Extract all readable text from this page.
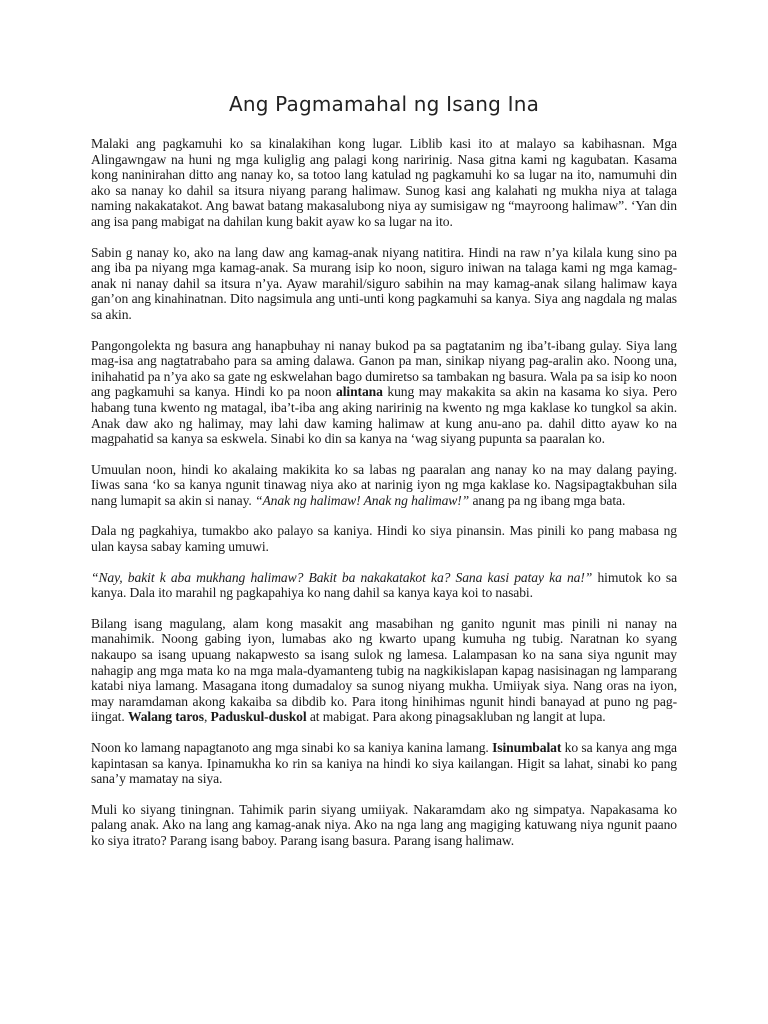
Ang Pagmamahal ng Isang Ina

Malaki ang pagkamuhi ko sa kinalakihan kong lugar. Liblib kasi ito at malayo sa kabihasnan. Mga Alingawngaw na huni ng mga kuliglig ang palagi kong naririnig. Nasa gitna kami ng kagubatan. Kasama kong naninirahan ditto ang nanay ko, sa totoo lang katulad ng pagkamuhi ko sa lugar na ito, namumuhi din ako sa nanay ko dahil sa itsura niyang parang halimaw. Sunog kasi ang kalahati ng mukha niya at talaga naming nakakatakot. Ang bawat batang makasalubong niya ay sumisigaw ng “mayroong halimaw”. ‘Yan din ang isa pang mabigat na dahilan kung bakit ayaw ko sa lugar na ito.

Sabin g nanay ko, ako na lang daw ang kamag-anak niyang natitira. Hindi na raw n’ya kilala kung sino pa ang iba pa niyang mga kamag-anak. Sa murang isip ko noon, siguro iniwan na talaga kami ng mga kamag-anak ni nanay dahil sa itsura n’ya. Ayaw marahil/siguro sabihin na may kamag-anak silang halimaw kaya gan’on ang kinahinatnan. Dito nagsimula ang unti-unti kong pagkamuhi sa kanya. Siya ang nagdala ng malas sa akin.

Pangongolekta ng basura ang hanapbuhay ni nanay bukod pa sa pagtatanim ng iba’t-ibang gulay. Siya lang mag-isa ang nagtatrabaho para sa aming dalawa. Ganon pa man, sinikap niyang pag-aralin ako. Noong una, inihahatid pa n’ya ako sa gate ng eskwelahan bago dumiretso sa tambakan ng basura. Wala pa sa isip ko noon ang pagkamuhi sa kanya. Hindi ko pa noon alintana kung may makakita sa akin na kasama ko siya. Pero habang tuna kwento ng matagal, iba’t-iba ang aking naririnig na kwento ng mga kaklase ko tungkol sa akin. Anak daw ako ng halimay, may lahi daw kaming halimaw at kung anu-ano pa. dahil ditto ayaw ko na magpahatid sa kanya sa eskwela. Sinabi ko din sa kanya na ‘wag siyang pupunta sa paaralan ko.

Umuulan noon, hindi ko akalaing makikita ko sa labas ng paaralan ang nanay ko na may dalang paying. Iiwas sana ‘ko sa kanya ngunit tinawag niya ako at narinig iyon ng mga kaklase ko. Nagsipagtakbuhan sila nang lumapit sa akin si nanay. “Anak ng halimaw! Anak ng halimaw!” anang pa ng ibang mga bata.

Dala ng pagkahiya, tumakbo ako palayo sa kaniya. Hindi ko siya pinansin. Mas pinili ko pang mabasa ng ulan kaysa sabay kaming umuwi.

“Nay, bakit k aba mukhang halimaw? Bakit ba nakakatakot ka? Sana kasi patay ka na!” himutok ko sa kanya. Dala ito marahil ng pagkapahiya ko nang dahil sa kanya kaya koi to nasabi.

Bilang isang magulang, alam kong masakit ang masabihan ng ganito ngunit mas pinili ni nanay na manahimik. Noong gabing iyon, lumabas ako ng kwarto upang kumuha ng tubig. Naratnan ko syang nakaupo sa isang upuang nakapwesto sa isang sulok ng lamesa. Lalampasan ko na sana siya ngunit may nahagip ang mga mata ko na mga mala-dyamanteng tubig na nagkikislapan kapag nasisinagan ng lamparang katabi niya lamang. Masagana itong dumadaloy sa sunog niyang mukha. Umiiyak siya. Nang oras na iyon, may naramdaman akong kakaiba sa dibdib ko. Para itong hinihimas ngunit hindi banayad at puno ng pag-iingat. Walang taros, Paduskul-duskol at mabigat. Para akong pinagsakluban ng langit at lupa.

Noon ko lamang napagtanoto ang mga sinabi ko sa kaniya kanina lamang. Isinumbalat ko sa kanya ang mga kapintasan sa kanya. Ipinamukha ko rin sa kaniya na hindi ko siya kailangan. Higit sa lahat, sinabi ko pang sana’y mamatay na siya.

Muli ko siyang tiningnan. Tahimik parin siyang umiiyak. Nakaramdam ako ng simpatya. Napakasama ko palang anak. Ako na lang ang kamag-anak niya. Ako na nga lang ang magiging katuwang niya ngunit paano ko siya itrato? Parang isang baboy. Parang isang basura. Parang isang halimaw.
